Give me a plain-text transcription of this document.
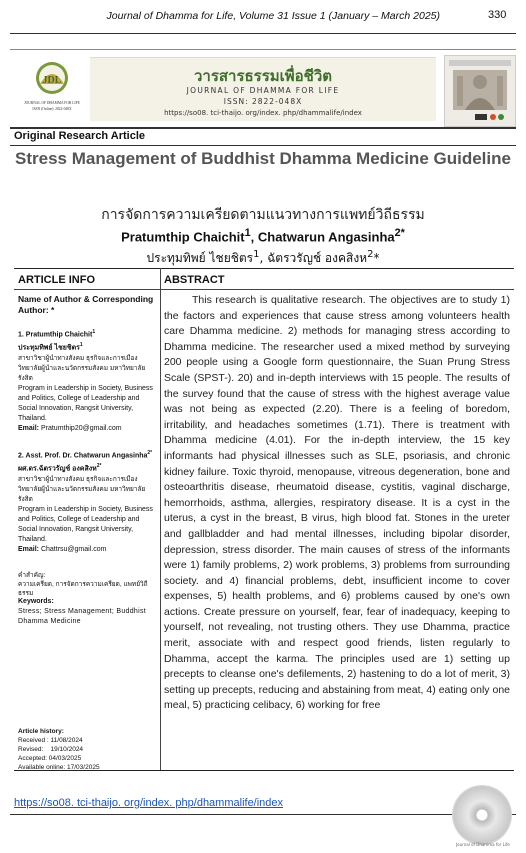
Journal of Dhamma for Life, Volume 31 Issue 1 (January – March 2025)	330
JDL
JOURNAL OF DHAMMA FOR LIFE
ISSN (Online): 2822-048X
วารสารธรรมเพื่อชีวิต
JOURNAL OF DHAMMA FOR LIFE
ISSN: 2822-048X
https://so08. tci-thaijo. org/index. php/dhammalife/index
Original Research Article
Stress Management of Buddhist Dhamma Medicine Guideline
การจัดการความเครียดตามแนวทางการแพทย์วิถีธรรม
Pratumthip Chaichit$^1$, Chatwarun Angasinha$^{2*}$
ประทุมทิพย์ ไชยชิตร$^1$, ฉัตรวรัญช์ องคสิงห$^2$*
ARTICLE INFO	ABSTRACT
Name of Author & Corresponding Author: *
1. Pratumthip Chaichit$^1$
ประทุมทิพย์ ไชยชิตร$^1$
สาขาวิชาผู้นำทางสังคม ธุรกิจและการเมือง วิทยาลัยผู้นำและนวัตกรรมสังคม มหาวิทยาลัยรังสิต
Program in Leadership in Society, Business and Politics, College of Leadership and Social Innovation, Rangsit University, Thailand.
Email: Pratumthip20@gmail.com
2. Asst. Prof. Dr. Chatwarun Angasinha$^{2*}$
ผศ.ดร.ฉัตรวรัญช์ องคสิงห$^{2*}$
สาขาวิชาผู้นำทางสังคม ธุรกิจและการเมือง วิทยาลัยผู้นำและนวัตกรรมสังคม มหาวิทยาลัยรังสิต
Program in Leadership in Society, Business and Politics, College of Leadership and Social Innovation, Rangsit University, Thailand.
Email: Chattrsu@gmail.com
คำสำคัญ:
ความเครียด, การจัดการความเครียด, แพทย์วิถีธรรม
Keywords:
Stress; Stress Management; Buddhist Dhamma Medicine
Article history:
Received : 11/08/2024
Revised:    19/10/2024
Accepted: 04/03/2025
Available online: 17/03/2025
This research is qualitative research. The objectives are to study 1) the factors and experiences that cause stress among volunteers health care Dhamma medicine. 2) methods for managing stress according to Dhamma medicine. The researcher used a mixed method by surveying 200 people using a Google form questionnaire, the Suan Prung Stress Scale (SPST-). 20) and in-depth interviews with 15 people. The results of the survey found that the cause of stress with the highest average value was not being as expected (2.20). There is a feeling of boredom, irritability, and headaches sometimes (1.71). There is treatment with Dhamma medicine (4.01). For the in-depth interview, the 15 key informants had physical illnesses such as SLE, psoriasis, and chronic kidney failure. Toxic thyroid, menopause, vitreous degeneration, bone and osteoarthritis disease, rheumatoid disease, cystitis, vaginal discharge, hemorrhoids, asthma, allergies, respiratory disease. It is a cyst in the uterus, a cyst in the breast, B virus, high blood fat. Stones in the ureter and gallbladder and had mental illnesses, including bipolar disorder, depression, stress disorder. The main causes of stress of the informants were 1) family problems, 2) work problems, 3) problems from surrounding society. and 4) financial problems, debt, insufficient income to cover expenses, 5) health problems, and 6) problems caused by one's own actions. Create pressure on yourself, fear, fear of inadequacy, keeping to yourself, not revealing, not trusting others. They use Dhamma, practice merit, associate with and respect good friends, listen regularly to Dhamma, accept the karma. The principles used are 1) setting up precepts to cleanse one's defilements, 2) hastening to do a lot of merit, 3) setting up precepts, reducing and abstaining from meat, 4) eating only one meal, 5) practicing celibacy, 6) working for free
https://so08. tci-thaijo. org/index. php/dhammalife/index
Journal of Dhamma for Life
